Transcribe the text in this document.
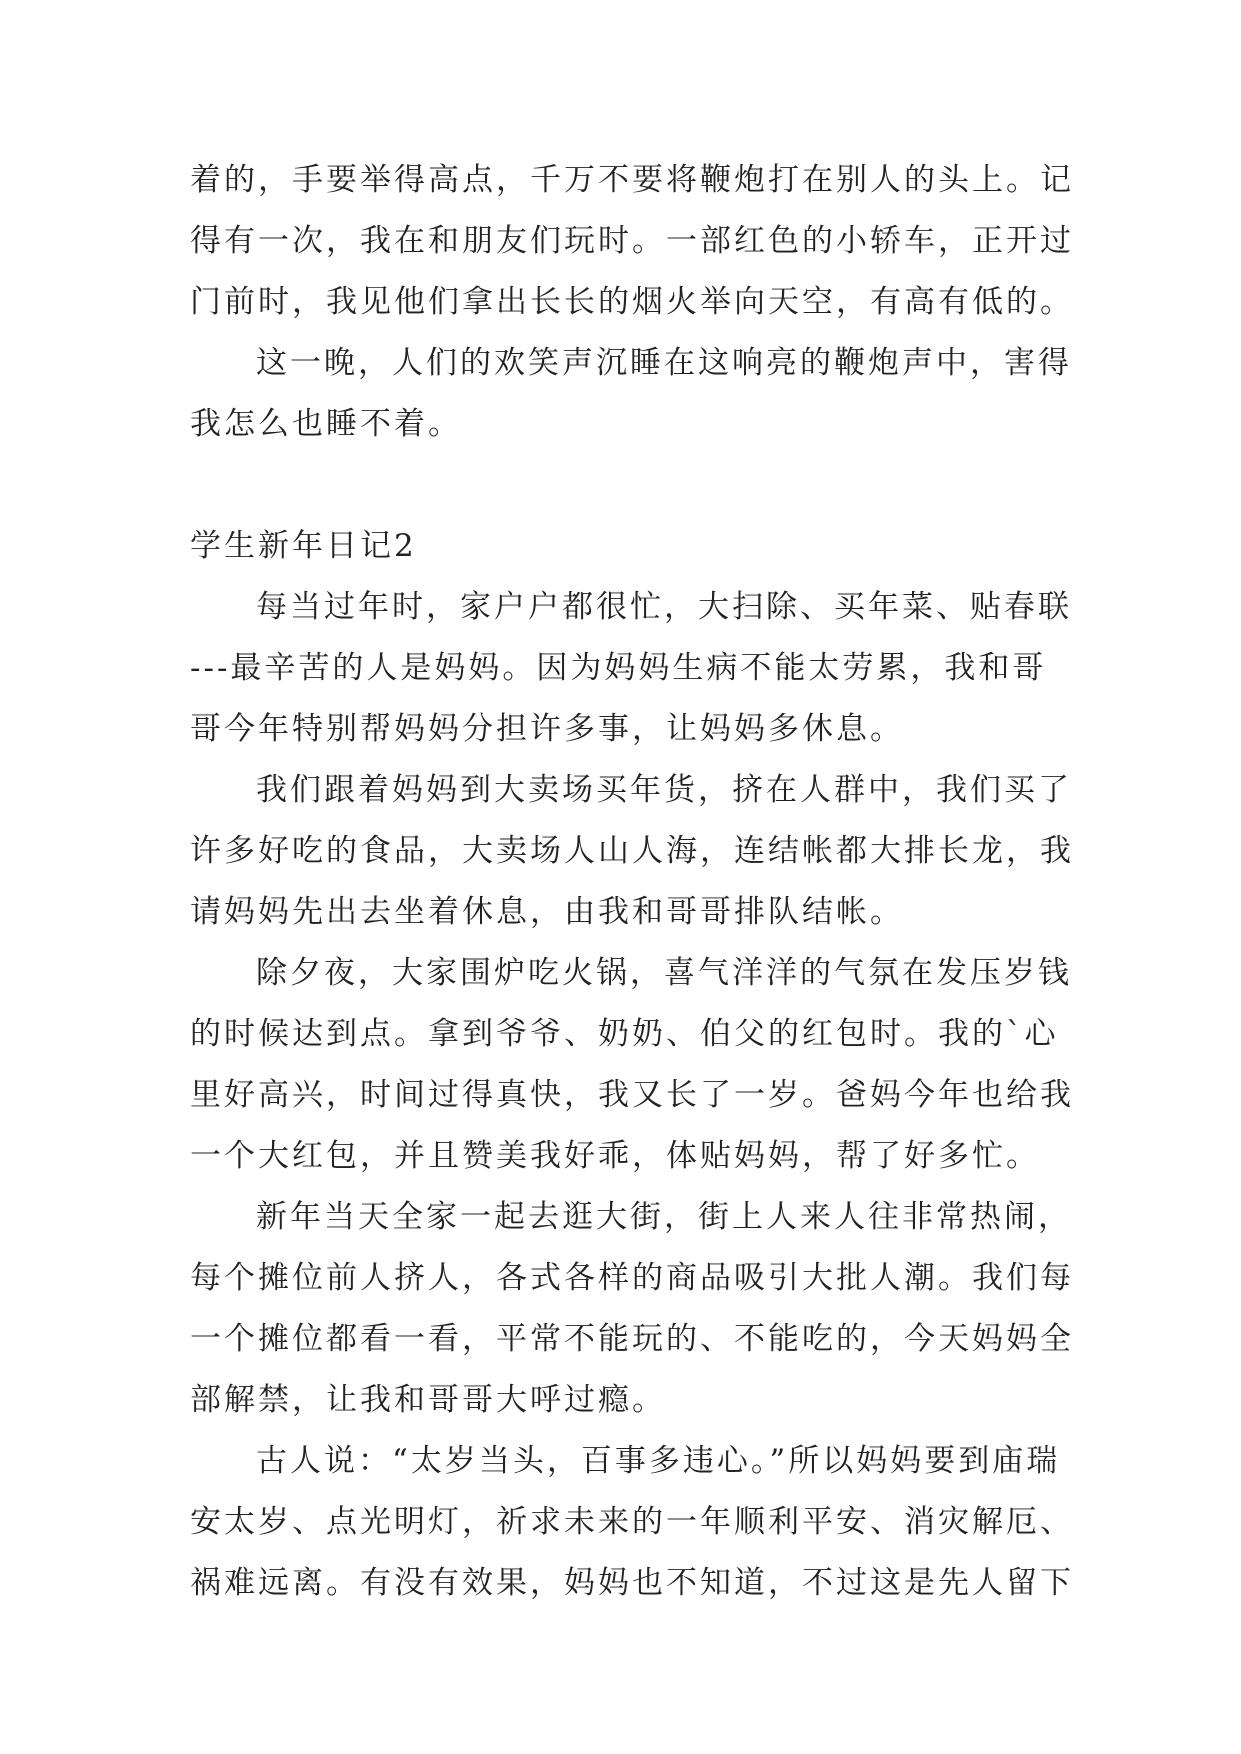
着的，手要举得高点，千万不要将鞭炮打在别人的头上。记
得有一次，我在和朋友们玩时。一部红色的小轿车，正开过
门前时，我见他们拿出长长的烟火举向天空，有高有低的。
这一晚，人们的欢笑声沉睡在这响亮的鞭炮声中，害得
我怎么也睡不着。
学生新年日记2
每当过年时，家户户都很忙，大扫除、买年菜、贴春联
---最辛苦的人是妈妈。因为妈妈生病不能太劳累，我和哥
哥今年特别帮妈妈分担许多事，让妈妈多休息。
我们跟着妈妈到大卖场买年货，挤在人群中，我们买了
许多好吃的食品，大卖场人山人海，连结帐都大排长龙，我
请妈妈先出去坐着休息，由我和哥哥排队结帐。
除夕夜，大家围炉吃火锅，喜气洋洋的气氛在发压岁钱
的时候达到点。拿到爷爷、奶奶、伯父的红包时。我的`心
里好高兴，时间过得真快，我又长了一岁。爸妈今年也给我
一个大红包，并且赞美我好乖，体贴妈妈，帮了好多忙。
新年当天全家一起去逛大街，街上人来人往非常热闹，
每个摊位前人挤人，各式各样的商品吸引大批人潮。我们每
一个摊位都看一看，平常不能玩的、不能吃的，今天妈妈全
部解禁，让我和哥哥大呼过瘾。
古人说：“太岁当头，百事多违心。”所以妈妈要到庙瑞
安太岁、点光明灯，祈求未来的一年顺利平安、消灾解厄、
祸难远离。有没有效果，妈妈也不知道，不过这是先人留下
